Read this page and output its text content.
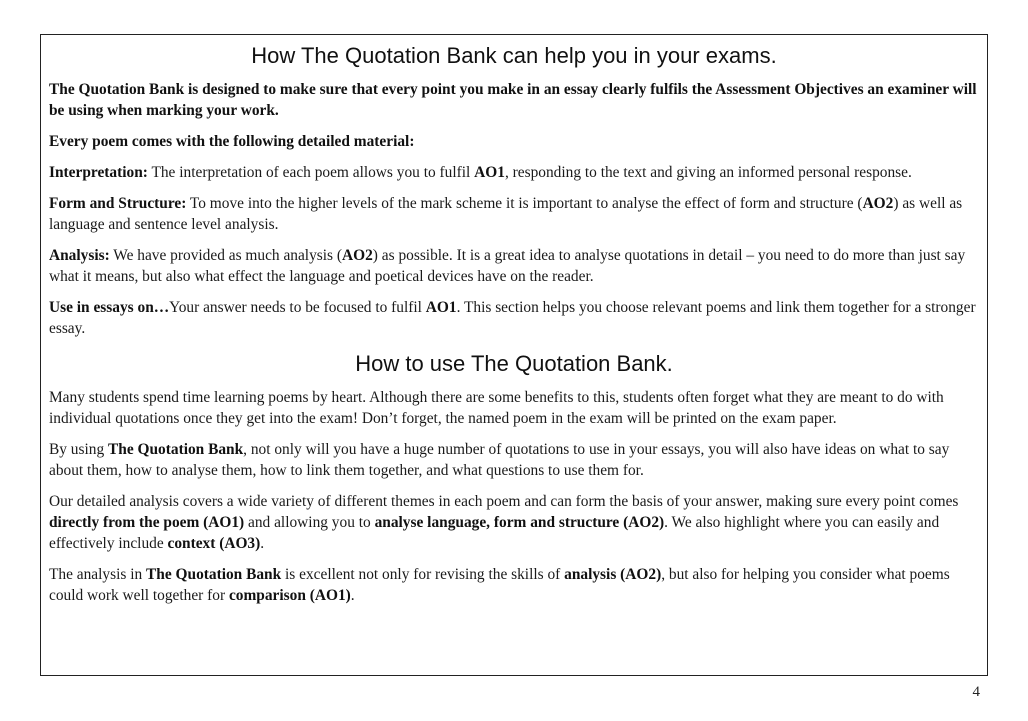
How The Quotation Bank can help you in your exams.

The Quotation Bank is designed to make sure that every point you make in an essay clearly fulfils the Assessment Objectives an examiner will be using when marking your work.

Every poem comes with the following detailed material:

Interpretation: The interpretation of each poem allows you to fulfil AO1, responding to the text and giving an informed personal response.

Form and Structure: To move into the higher levels of the mark scheme it is important to analyse the effect of form and structure (AO2) as well as language and sentence level analysis.

Analysis: We have provided as much analysis (AO2) as possible. It is a great idea to analyse quotations in detail – you need to do more than just say what it means, but also what effect the language and poetical devices have on the reader.

Use in essays on…Your answer needs to be focused to fulfil AO1. This section helps you choose relevant poems and link them together for a stronger essay.

How to use The Quotation Bank.

Many students spend time learning poems by heart. Although there are some benefits to this, students often forget what they are meant to do with individual quotations once they get into the exam! Don’t forget, the named poem in the exam will be printed on the exam paper.

By using The Quotation Bank, not only will you have a huge number of quotations to use in your essays, you will also have ideas on what to say about them, how to analyse them, how to link them together, and what questions to use them for.

Our detailed analysis covers a wide variety of different themes in each poem and can form the basis of your answer, making sure every point comes directly from the poem (AO1) and allowing you to analyse language, form and structure (AO2). We also highlight where you can easily and effectively include context (AO3).

The analysis in The Quotation Bank is excellent not only for revising the skills of analysis (AO2), but also for helping you consider what poems could work well together for comparison (AO1).

4
